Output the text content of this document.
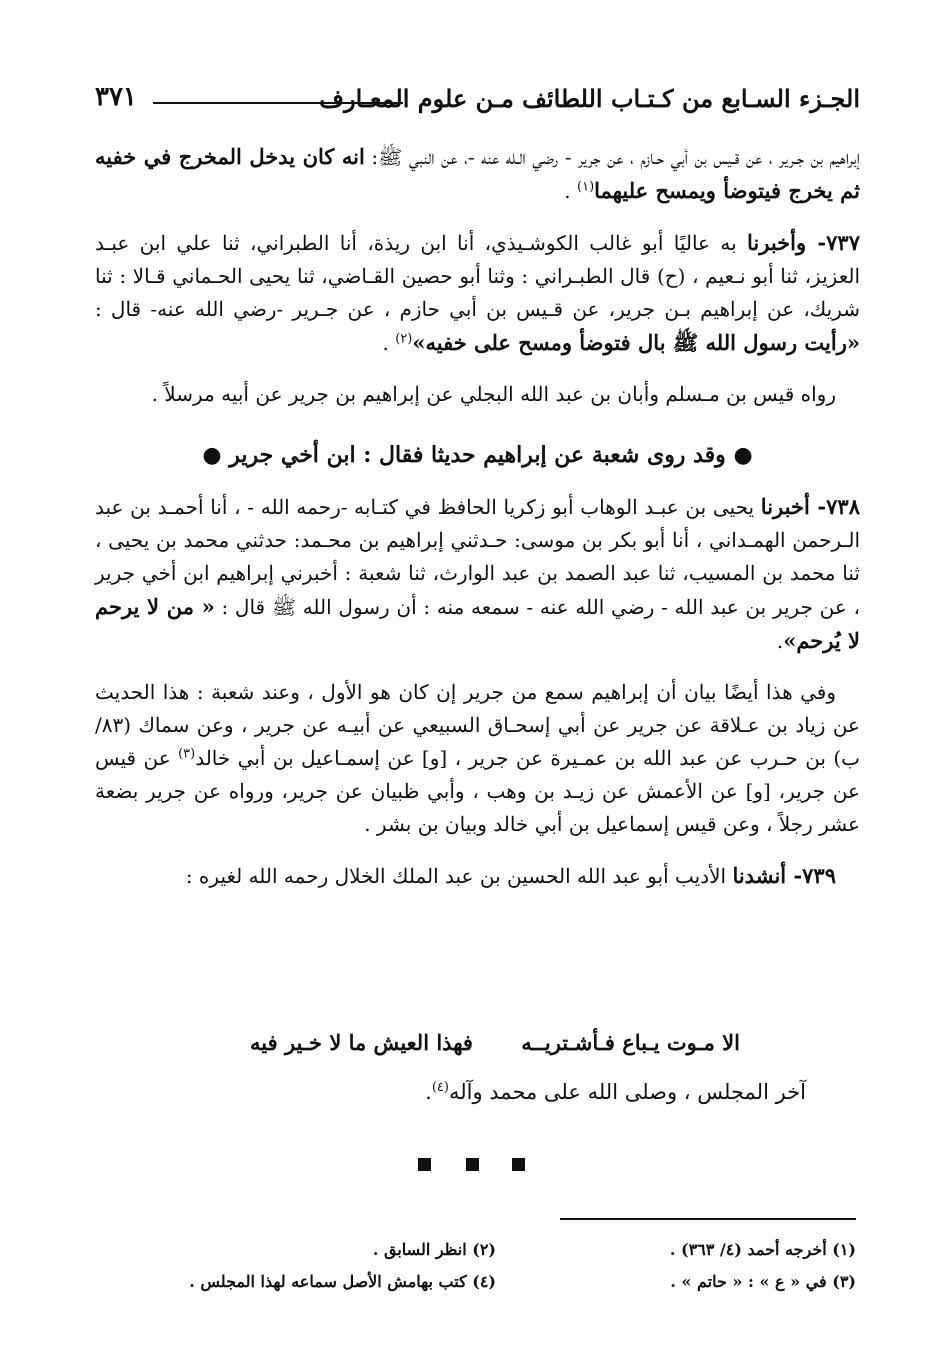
الجـزء السـابع من كـتـاب اللطائف مـن علوم المعـارف
٣٧١

إبراهيم بن جـرير ، عن قـيس بن أبي حـازم ، عن جرير - رضي الـله عنه -، عن النبي ﷺ: انه كان يدخل المخرج في خفيه ثم يخرج فيتوضأ ويمسح عليهما$^{(١)}$ .

٧٣٧- وأخبرنا به عاليًا أبو غالب الكوشـيذي، أنا ابن ريذة، أنا الطبراني، ثنا علي ابن عبـد العزيز، ثنا أبو نـعيم ، (ح) قال الطبـراني : وثنا أبو حصين القـاضي، ثنا يحيى الحـماني قـالا : ثنا شريك، عن إبراهيم بـن جرير، عن قـيس بن أبي حازم ، عن جـرير -رضي الله عنه- قال : «رأيت رسول الله ﷺ بال فتوضأ ومسح على خفيه»$^{(٢)}$ .

رواه قيس بن مـسلم وأبان بن عبد الله البجلي عن إبراهيم بن جرير عن أبيه مرسلاً .

● وقد روى شعبة عن إبراهيم حديثا فقال : ابن أخي جرير ●

٧٣٨- أخبرنا يحيى بن عبـد الوهاب أبو زكريا الحافظ في كتـابه -رحمه الله - ، أنا أحمـد بن عبد الـرحمن الهمـداني ، أنا أبو بكر بن موسى: حـدثني إبراهيم بن محـمد: حدثني محمد بن يحيى ، ثنا محمد بن المسيب، ثنا عبد الصمد بن عبد الوارث، ثنا شعبة : أخبرني إبراهيم ابن أخي جرير ، عن جرير بن عبد الله - رضي الله عنه - سمعه منه : أن رسول الله ﷺ قال : « من لا يرحم لا يُرحم».

وفي هذا أيضًا بيان أن إبراهيم سمع من جرير إن كان هو الأول ، وعند شعبة : هذا الحديث عن زياد بن عـلاقة عن جرير عن أبي إسحـاق السبيعي عن أبيـه عن جرير ، وعن سماك (٨٣/ب) بن حـرب عن عبد الله بن عمـيرة عن جرير ، [و] عن إسمـاعيل بن أبي خالد$^{(٣)}$ عن قيس عن جرير، [و] عن الأعمش عن زيـد بن وهب ، وأبي ظبيان عن جرير، ورواه عن جرير بضعة عشر رجلاً ، وعن قيس إسماعيل بن أبي خالد وبيان بن بشر .

٧٣٩- أنشدنا الأديب أبو عبد الله الحسين بن عبد الملك الخلال رحمه الله لغيره :

الا مـوت يـباع فـأشـتريــه
فهذا العيش ما لا خـير فيه
آخر المجلس ، وصلى الله على محمد وآله$^{(٤)}$.
(١) أخرجه أحمد (٤/ ٣٦٣) .
(٢) انظر السابق .
(٣) في « ع » : « حاتم » .
(٤) كتب بهامش الأصل سماعه لهذا المجلس .
